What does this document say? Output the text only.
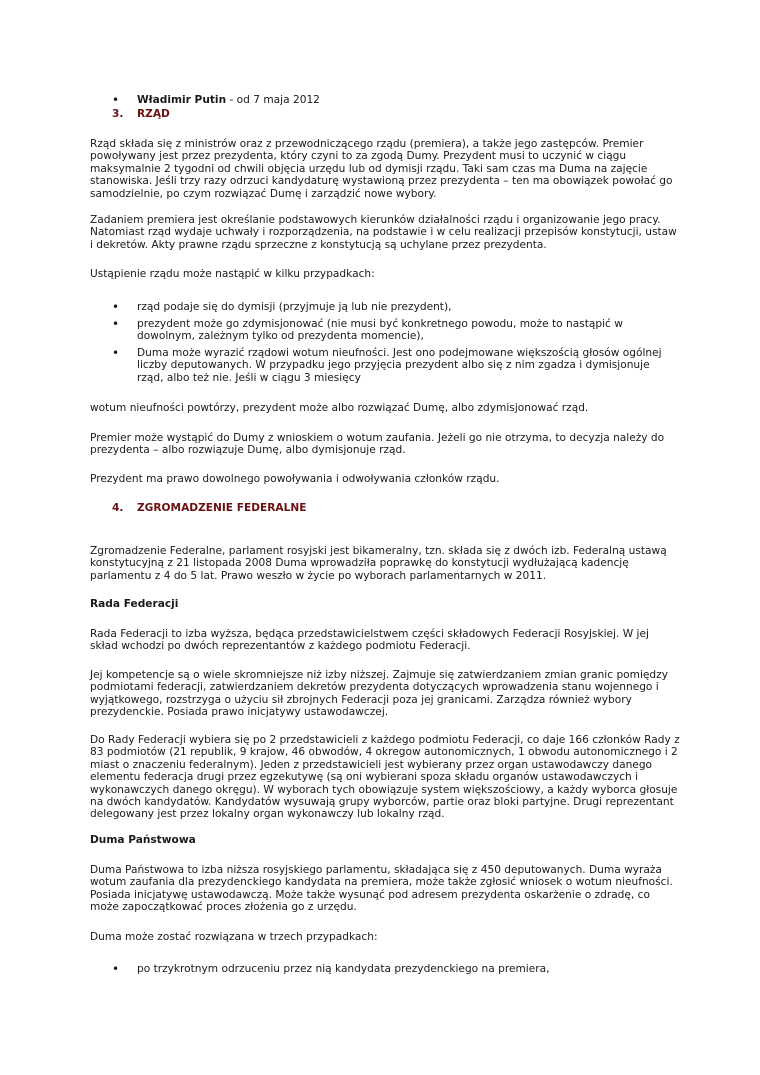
• Władimir Putin - od 7 maja 2012
3. RZĄD

Rząd składa się z ministrów oraz z przewodniczącego rządu (premiera), a także jego zastępców. Premier powoływany jest przez prezydenta, który czyni to za zgodą Dumy. Prezydent musi to uczynić w ciągu maksymalnie 2 tygodni od chwili objęcia urzędu lub od dymisji rządu. Taki sam czas ma Duma na zajęcie stanowiska. Jeśli trzy razy odrzuci kandydaturę wystawioną przez prezydenta – ten ma obowiązek powołać go samodzielnie, po czym rozwiązać Dumę i zarządzić nowe wybory.

Zadaniem premiera jest określanie podstawowych kierunków działalności rządu i organizowanie jego pracy. Natomiast rząd wydaje uchwały i rozporządzenia, na podstawie i w celu realizacji przepisów konstytucji, ustaw i dekretów. Akty prawne rządu sprzeczne z konstytucją są uchylane przez prezydenta.

Ustąpienie rządu może nastąpić w kilku przypadkach:

• rząd podaje się do dymisji (przyjmuje ją lub nie prezydent),
• prezydent może go zdymisjonować (nie musi być konkretnego powodu, może to nastąpić w dowolnym, zależnym tylko od prezydenta momencie),
• Duma może wyrazić rządowi wotum nieufności. Jest ono podejmowane większością głosów ogólnej liczby deputowanych. W przypadku jego przyjęcia prezydent albo się z nim zgadza i dymisjonuje rząd, albo też nie. Jeśli w ciągu 3 miesięcy

wotum nieufności powtórzy, prezydent może albo rozwiązać Dumę, albo zdymisjonować rząd.

Premier może wystąpić do Dumy z wnioskiem o wotum zaufania. Jeżeli go nie otrzyma, to decyzja należy do prezydenta – albo rozwiązuje Dumę, albo dymisjonuje rząd.

Prezydent ma prawo dowolnego powoływania i odwoływania członków rządu.

4. ZGROMADZENIE FEDERALNE

Zgromadzenie Federalne, parlament rosyjski jest bikameralny, tzn. składa się z dwóch izb. Federalną ustawą konstytucyjną z 21 listopada 2008 Duma wprowadziła poprawkę do konstytucji wydłużającą kadencję parlamentu z 4 do 5 lat. Prawo weszło w życie po wyborach parlamentarnych w 2011.

Rada Federacji

Rada Federacji to izba wyższa, będąca przedstawicielstwem części składowych Federacji Rosyjskiej. W jej skład wchodzi po dwóch reprezentantów z każdego podmiotu Federacji.

Jej kompetencje są o wiele skromniejsze niż izby niższej. Zajmuje się zatwierdzaniem zmian granic pomiędzy podmiotami federacji, zatwierdzaniem dekretów prezydenta dotyczących wprowadzenia stanu wojennego i wyjątkowego, rozstrzyga o użyciu sił zbrojnych Federacji poza jej granicami. Zarządza również wybory prezydenckie. Posiada prawo inicjatywy ustawodawczej.

Do Rady Federacji wybiera się po 2 przedstawicieli z każdego podmiotu Federacji, co daje 166 członków Rady z 83 podmiotów (21 republik, 9 krajow, 46 obwodów, 4 okregow autonomicznych, 1 obwodu autonomicznego i 2 miast o znaczeniu federalnym). Jeden z przedstawicieli jest wybierany przez organ ustawodawczy danego elementu federacja drugi przez egzekutywę (są oni wybierani spoza składu organów ustawodawczych i wykonawczych danego okręgu). W wyborach tych obowiązuje system większościowy, a każdy wyborca głosuje na dwóch kandydatów. Kandydatów wysuwają grupy wyborców, partie oraz bloki partyjne. Drugi reprezentant delegowany jest przez lokalny organ wykonawczy lub lokalny rząd.

Duma Państwowa

Duma Państwowa to izba niższa rosyjskiego parlamentu, składająca się z 450 deputowanych. Duma wyraża wotum zaufania dla prezydenckiego kandydata na premiera, może także zgłosić wniosek o wotum nieufności. Posiada inicjatywę ustawodawczą. Może także wysunąć pod adresem prezydenta oskarżenie o zdradę, co może zapoczątkować proces złożenia go z urzędu.

Duma może zostać rozwiązana w trzech przypadkach:

• po trzykrotnym odrzuceniu przez nią kandydata prezydenckiego na premiera,
